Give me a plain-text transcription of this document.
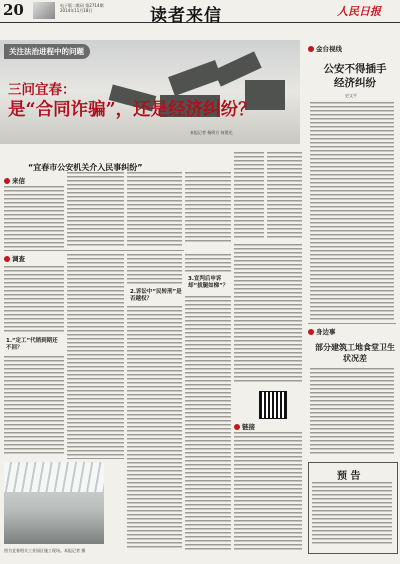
20	电子版二维码 第2714期
2014年11月18日	读者来信	人民日报
关注法治进程中的问题
三问宜春：
是“合同诈骗”，还是经济纠纷？
本报记者 杨明方 何建光
“宜春市公安机关介入民事纠纷”
来信
调查
1.“定工”代销到期还不回？
2.诉讼中“民转刑”是否越权？
3.宣判后申诉却“拔腿如梯”？
链接
图为宜春相关工业园区施工现场。本报记者 摄
金台视线
公安不得插手经济纠纷
史文平
身边事
部分建筑工地食堂卫生状况差
预 告
